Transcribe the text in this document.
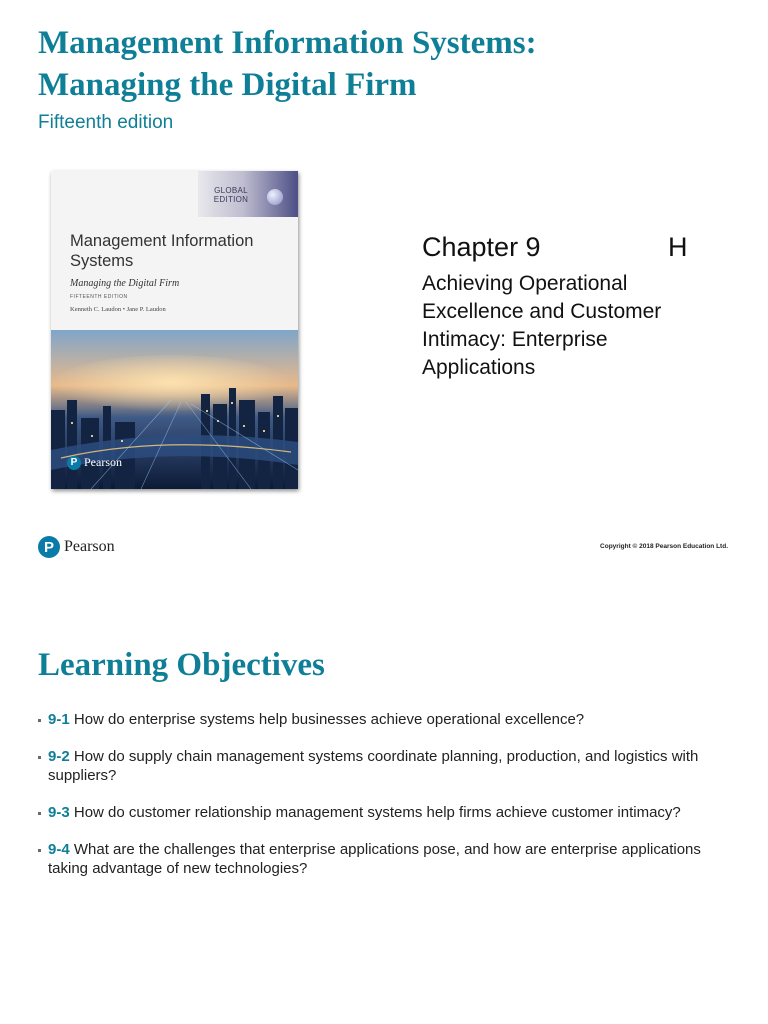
Management Information Systems:
Managing the Digital Firm
Fifteenth edition
GLOBAL
EDITION
Management Information
Systems
Managing the Digital Firm
FIFTEENTH EDITION
Kenneth C. Laudon • Jane P. Laudon
P Pearson
Chapter 9	H
Achieving Operational
Excellence and Customer
Intimacy: Enterprise
Applications
P Pearson	Copyright © 2018 Pearson Education Ltd.
Learning Objectives
9-1 How do enterprise systems help businesses achieve operational excellence?
9-2 How do supply chain management systems coordinate planning, production, and logistics with suppliers?
9-3 How do customer relationship management systems help firms achieve customer intimacy?
9-4 What are the challenges that enterprise applications pose, and how are enterprise applications taking advantage of new technologies?
